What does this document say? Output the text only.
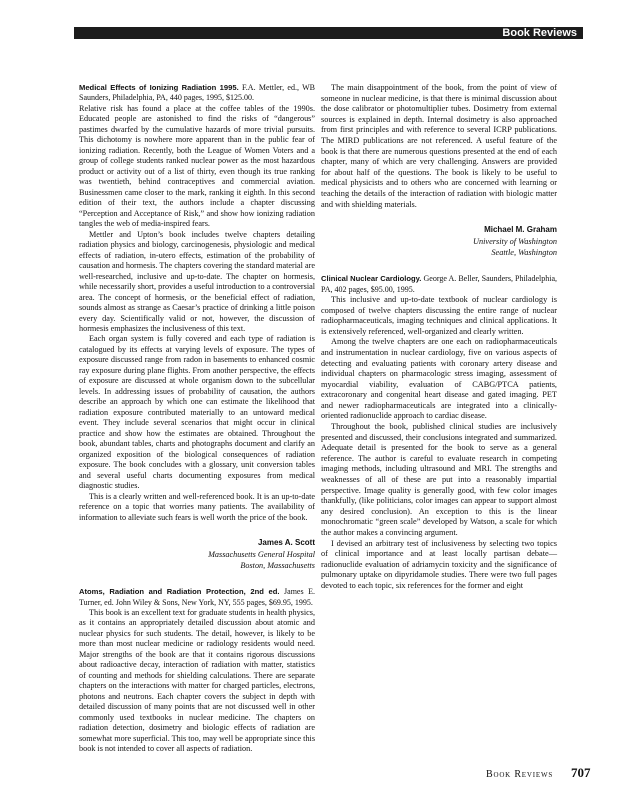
Book Reviews

Medical Effects of Ionizing Radiation 1995. F.A. Mettler, ed., WB Saunders, Philadelphia, PA, 440 pages, 1995, $125.00.

Relative risk has found a place at the coffee tables of the 1990s. Educated people are astonished to find the risks of “dangerous” pastimes dwarfed by the cumulative hazards of more trivial pursuits. This dichotomy is nowhere more apparent than in the public fear of ionizing radiation. Recently, both the League of Women Voters and a group of college students ranked nuclear power as the most hazardous product or activity out of a list of thirty, even though its true ranking was twentieth, behind contraceptives and commercial aviation. Businessmen came closer to the mark, ranking it eighth. In this second edition of their text, the authors include a chapter discussing “Perception and Acceptance of Risk,” and show how ionizing radiation tangles the web of media-inspired fears.

Mettler and Upton’s book includes twelve chapters detailing radiation physics and biology, carcinogenesis, physiologic and medical effects of radiation, in-utero effects, estimation of the probability of causation and hormesis. The chapters covering the standard material are well-researched, inclusive and up-to-date. The chapter on hormesis, while necessarily short, provides a useful introduction to a controversial area. The concept of hormesis, or the beneficial effect of radiation, sounds almost as strange as Caesar’s practice of drinking a little poison every day. Scientifically valid or not, however, the discussion of hormesis emphasizes the inclusiveness of this text.

Each organ system is fully covered and each type of radiation is catalogued by its effects at varying levels of exposure. The types of exposure discussed range from radon in basements to enhanced cosmic ray exposure during plane flights. From another perspective, the effects of exposure are discussed at whole organism down to the subcellular levels. In addressing issues of probability of causation, the authors describe an approach by which one can estimate the likelihood that radiation exposure contributed materially to an untoward medical event. They include several scenarios that might occur in clinical practice and show how the estimates are obtained. Throughout the book, abundant tables, charts and photographs document and clarify an organized exposition of the biological consequences of radiation exposure. The book concludes with a glossary, unit conversion tables and several useful charts documenting exposures from medical diagnostic studies.

This is a clearly written and well-referenced book. It is an up-to-date reference on a topic that worries many patients. The availability of information to alleviate such fears is well worth the price of the book.

James A. Scott
Massachusetts General Hospital
Boston, Massachusetts

Atoms, Radiation and Radiation Protection, 2nd ed. James E. Turner, ed. John Wiley & Sons, New York, NY, 555 pages, $69.95, 1995.

This book is an excellent text for graduate students in health physics, as it contains an appropriately detailed discussion about atomic and nuclear physics for such students. The detail, however, is likely to be more than most nuclear medicine or radiology residents would need. Major strengths of the book are that it contains rigorous discussions about radioactive decay, interaction of radiation with matter, statistics of counting and methods for shielding calculations. There are separate chapters on the interactions with matter for charged particles, electrons, photons and neutrons. Each chapter covers the subject in depth with detailed discussion of many points that are not discussed well in other commonly used textbooks in nuclear medicine. The chapters on radiation detection, dosimetry and biologic effects of radiation are somewhat more superficial. This too, may well be appropriate since this book is not intended to cover all aspects of radiation.

The main disappointment of the book, from the point of view of someone in nuclear medicine, is that there is minimal discussion about the dose calibrator or photomultiplier tubes. Dosimetry from external sources is explained in depth. Internal dosimetry is also approached from first principles and with reference to several ICRP publications. The MIRD publications are not referenced. A useful feature of the book is that there are numerous questions presented at the end of each chapter, many of which are very challenging. Answers are provided for about half of the questions. The book is likely to be useful to medical physicists and to others who are concerned with learning or teaching the details of the interaction of radiation with biologic matter and with shielding materials.

Michael M. Graham
University of Washington
Seattle, Washington

Clinical Nuclear Cardiology. George A. Beller, Saunders, Philadelphia, PA, 402 pages, $95.00, 1995.

This inclusive and up-to-date textbook of nuclear cardiology is composed of twelve chapters discussing the entire range of nuclear radiopharmaceuticals, imaging techniques and clinical applications. It is extensively referenced, well-organized and clearly written.

Among the twelve chapters are one each on radiopharmaceuticals and instrumentation in nuclear cardiology, five on various aspects of detecting and evaluating patients with coronary artery disease and individual chapters on pharmacologic stress imaging, assessment of myocardial viability, evaluation of CABG/PTCA patients, extracoronary and congenital heart disease and gated imaging. PET and newer radiopharmaceuticals are integrated into a clinically-oriented radionuclide approach to cardiac disease.

Throughout the book, published clinical studies are inclusively presented and discussed, their conclusions integrated and summarized. Adequate detail is presented for the book to serve as a general reference. The author is careful to evaluate research in competing imaging methods, including ultrasound and MRI. The strengths and weaknesses of all of these are put into a reasonably impartial perspective. Image quality is generally good, with few color images thankfully, (like politicians, color images can appear to support almost any desired conclusion). An exception to this is the linear monochromatic “green scale” developed by Watson, a scale for which the author makes a convincing argument.

I devised an arbitrary test of inclusiveness by selecting two topics of clinical importance and at least locally partisan debate—radionuclide evaluation of adriamycin toxicity and the significance of pulmonary uptake on dipyridamole studies. There were two full pages devoted to each topic, six references for the former and eight

Book Reviews 707
